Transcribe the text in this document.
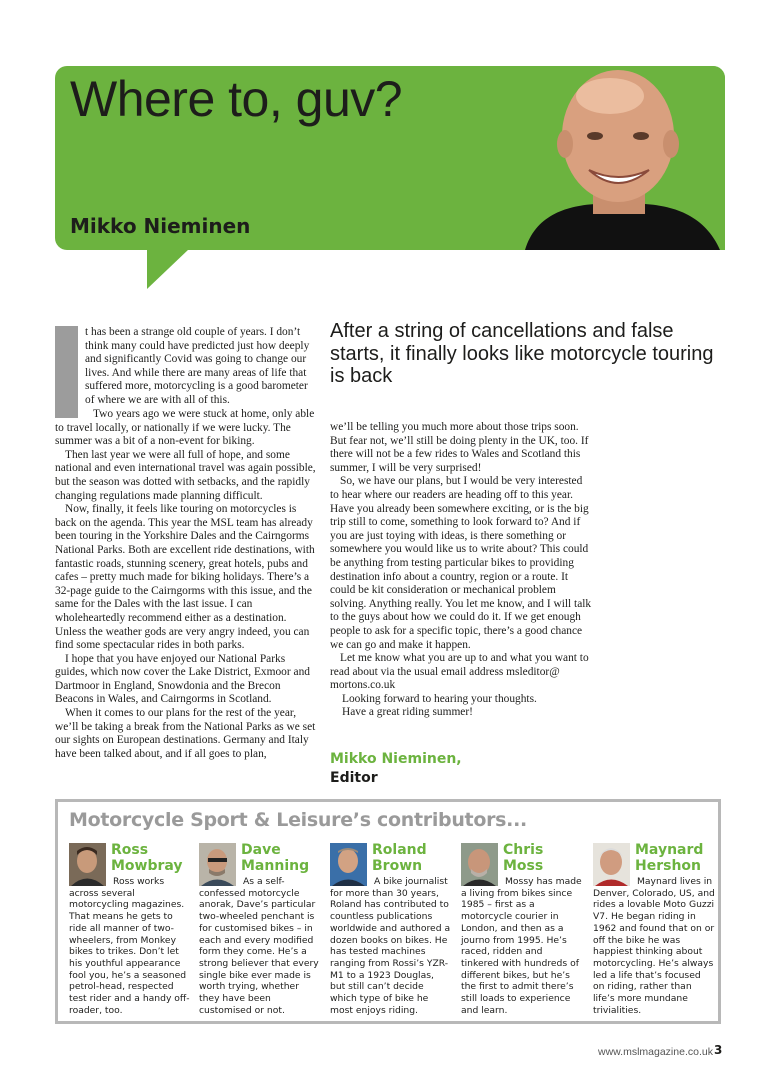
Where to, guv?
Mikko Nieminen

t has been a strange old couple of years. I don’t think many could have predicted just how deeply and significantly Covid was going to change our lives. And while there are many areas of life that suffered more, motorcycling is a good barometer of where we are with all of this.

Two years ago we were stuck at home, only able to travel locally, or nationally if we were lucky. The summer was a bit of a non-event for biking.

Then last year we were all full of hope, and some national and even international travel was again possible, but the season was dotted with setbacks, and the rapidly changing regulations made planning difficult.

Now, finally, it feels like touring on motorcycles is back on the agenda. This year the MSL team has already been touring in the Yorkshire Dales and the Cairngorms National Parks. Both are excellent ride destinations, with fantastic roads, stunning scenery, great hotels, pubs and cafes – pretty much made for biking holidays. There’s a 32-page guide to the Cairngorms with this issue, and the same for the Dales with the last issue. I can wholeheartedly recommend either as a destination. Unless the weather gods are very angry indeed, you can find some spectacular rides in both parks.

I hope that you have enjoyed our National Parks guides, which now cover the Lake District, Exmoor and Dartmoor in England, Snowdonia and the Brecon Beacons in Wales, and Cairngorms in Scotland.

When it comes to our plans for the rest of the year, we’ll be taking a break from the National Parks as we set our sights on European destinations. Germany and Italy have been talked about, and if all goes to plan,

After a string of cancellations and false starts, it finally looks like motorcycle touring is back

we’ll be telling you much more about those trips soon. But fear not, we’ll still be doing plenty in the UK, too. If there will not be a few rides to Wales and Scotland this summer, I will be very surprised!

So, we have our plans, but I would be very interested to hear where our readers are heading off to this year. Have you already been somewhere exciting, or is the big trip still to come, something to look forward to? And if you are just toying with ideas, is there something or somewhere you would like us to write about? This could be anything from testing particular bikes to providing destination info about a country, region or a route. It could be kit consideration or mechanical problem solving. Anything really. You let me know, and I will talk to the guys about how we could do it. If we get enough people to ask for a specific topic, there’s a good chance we can go and make it happen.

Let me know what you are up to and what you want to read about via the usual email address msleditor@ mortons.co.uk

Looking forward to hearing your thoughts.

Have a great riding summer!

Mikko Nieminen,
Editor
Motorcycle Sport & Leisure’s contributors...
Ross
Mowbray
Ross works across several motorcycling magazines. That means he gets to ride all manner of two-wheelers, from Monkey bikes to trikes. Don’t let his youthful appearance fool you, he’s a seasoned petrol-head, respected test rider and a handy off-roader, too.
Dave
Manning
As a self-confessed motorcycle anorak, Dave’s particular two-wheeled penchant is for customised bikes – in each and every modified form they come. He’s a strong believer that every single bike ever made is worth trying, whether they have been customised or not.
Roland
Brown
A bike journalist for more than 30 years, Roland has contributed to countless publications worldwide and authored a dozen books on bikes. He has tested machines ranging from Rossi’s YZR-M1 to a 1923 Douglas, but still can’t decide which type of bike he most enjoys riding.
Chris
Moss
Mossy has made a living from bikes since 1985 – first as a motorcycle courier in London, and then as a journo from 1995. He’s raced, ridden and tinkered with hundreds of different bikes, but he’s the first to admit there’s still loads to experience and learn.
Maynard
Hershon
Maynard lives in Denver, Colorado, US, and rides a lovable Moto Guzzi V7. He began riding in 1962 and found that on or off the bike he was happiest thinking about motorcycling. He’s always led a life that’s focused on riding, rather than life’s more mundane trivialities.
www.mslmagazine.co.uk 3
